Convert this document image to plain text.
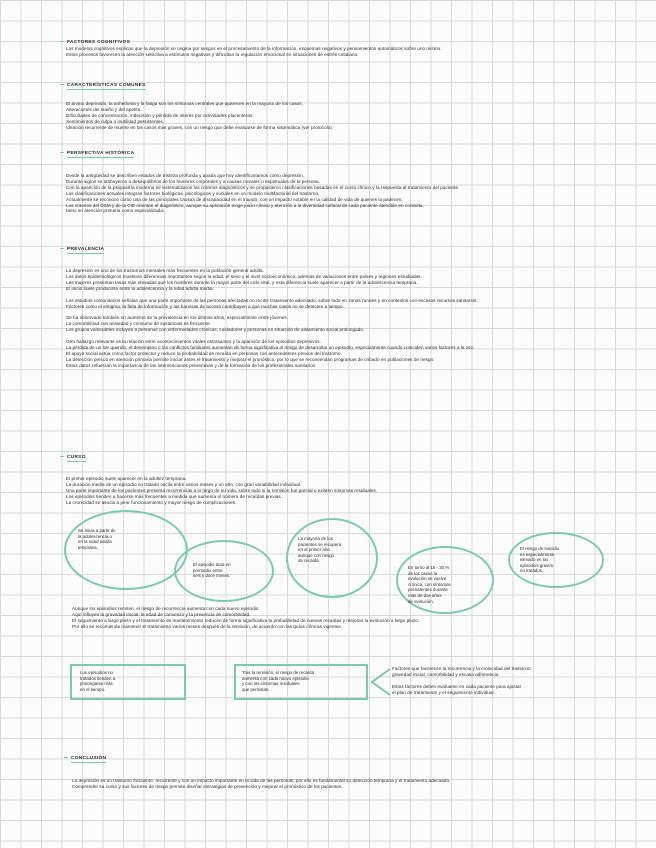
FACTORES COGNITIVOS
Los modelos cognitivos explican que la depresión se origina por sesgos en el procesamiento de la información, esquemas negativos y pensamientos automáticos sobre uno mismo.
Estos procesos favorecen la atención selectiva a estímulos negativos y dificultan la regulación emocional en situaciones de estrés cotidiano.
CARACTERÍSTICAS COMUNES
El ánimo deprimido, la anhedonia y la fatiga son los síntomas centrales que aparecen en la mayoría de los casos.
Alteraciones del sueño y del apetito.
Dificultades de concentración, indecisión y pérdida de interés por actividades placenteras.
Sentimientos de culpa o inutilidad persistentes.
Ideación recurrente de muerte en los casos más graves, con un riesgo que debe evaluarse de forma sistemática (ver protocolo).
PERSPECTIVA HISTÓRICA
Desde la antigüedad se describen estados de tristeza profunda y apatía que hoy identificaríamos como depresión.
Durante siglos se atribuyeron a desequilibrios de los humores corporales y a causas morales o espirituales de la persona.
Con la aparición de la psiquiatría moderna se sistematizaron los criterios diagnósticos y se propusieron clasificaciones basadas en el curso clínico y la respuesta al tratamiento del paciente.
Las clasificaciones actuales integran factores biológicos, psicológicos y sociales en un modelo multifactorial del trastorno.
Actualmente se reconoce como una de las principales causas de discapacidad en el mundo, con un impacto notable en la calidad de vida de quienes la padecen.
Los criterios del DSM y de la CIE orientan el diagnóstico, aunque su aplicación exige juicio clínico y atención a la diversidad cultural de cada paciente atendido en consulta,
tanto en atención primaria como especializada.
PREVALENCIA
La depresión es uno de los trastornos mentales más frecuentes en la población general adulta.
Los datos epidemiológicos muestran diferencias importantes según la edad, el sexo y el nivel socioeconómico, además de variaciones entre países y regiones estudiadas.
Las mujeres presentan tasas más elevadas que los hombres durante la mayor parte del ciclo vital, y esta diferencia suele aparecer a partir de la adolescencia temprana.
El inicio suele producirse entre la adolescencia y la edad adulta media.
Los estudios comunitarios señalan que una parte importante de las personas afectadas no recibe tratamiento adecuado, sobre todo en zonas rurales y en contextos con escasos recursos sanitarios.
Factores como el estigma, la falta de información y las barreras de acceso contribuyen a que muchos casos no se detecten a tiempo.
Se ha observado también un aumento de la prevalencia en los últimos años, especialmente entre jóvenes.
La comorbilidad con ansiedad y consumo de sustancias es frecuente.
Los grupos vulnerables incluyen a personas con enfermedades crónicas, cuidadores y personas en situación de aislamiento social prolongado.
Otro hallazgo relevante es la relación entre acontecimientos vitales estresantes y la aparición de los episodios depresivos.
La pérdida de un ser querido, el desempleo o los conflictos familiares aumentan de forma significativa el riesgo de desarrollar un episodio, especialmente cuando coinciden varios factores a la vez.
El apoyo social actúa como factor protector y reduce la probabilidad de recaída en personas con antecedentes previos del trastorno.
La detección precoz en atención primaria permite iniciar antes el tratamiento y mejorar el pronóstico, por lo que se recomiendan programas de cribado en poblaciones de riesgo.
Estos datos refuerzan la importancia de las intervenciones preventivas y de la formación de los profesionales sanitarios.
CURSO
El primer episodio suele aparecer en la adultez temprana.
La duración media de un episodio no tratado oscila entre varios meses y un año, con gran variabilidad individual.
Una parte importante de los pacientes presenta recurrencias a lo largo de su vida, sobre todo si la remisión fue parcial o existen síntomas residuales.
Los episodios tienden a hacerse más frecuentes a medida que aumenta el número de recaídas previas.
La cronicidad se asocia a peor funcionamiento y mayor riesgo de complicaciones.
Se inicia a partir de
la adolescencia o
en la edad adulta
temprana.
El episodio dura en
promedio entre
seis y doce meses.
La mayoría de los
pacientes se recupera
en el primer año
aunque con riesgo
de recaída
En torno al 15 - 20 %
de los casos la
evolución se vuelve
crónica, con síntomas
persistentes durante
más de dos años
de evolución.
El riesgo de suicidio
es especialmente
elevado en los
episodios graves
no tratados.
Aunque los episodios remiten, el riesgo de recurrencia aumenta con cada nuevo episodio.
Aquí influyen la gravedad inicial, la edad de comienzo y la presencia de comorbilidad.
El seguimiento a largo plazo y el tratamiento de mantenimiento reducen de forma significativa la probabilidad de nuevas recaídas y mejoran la evolución a largo plazo.
Por ello se recomienda mantener el tratamiento varios meses después de la remisión, de acuerdo con las guías clínicas vigentes.
Los episodios no
tratados tienden a
prolongarse más
en el tiempo.
Tras la remisión, el riesgo de recaída
aumenta con cada nuevo episodio
y con los síntomas residuales
que persistan.
Factores que favorecen la recurrencia y la cronicidad del trastorno:
gravedad inicial, comorbilidad y escasa adherencia
Estos factores deben evaluarse en cada paciente para ajustar
el plan de tratamiento y el seguimiento individual.
CONCLUSIÓN
La depresión es un trastorno frecuente, recurrente y con un impacto importante en la vida de las personas; por ello es fundamental su detección temprana y el tratamiento adecuado.
Comprender su curso y sus factores de riesgo permite diseñar estrategias de prevención y mejorar el pronóstico de los pacientes.
